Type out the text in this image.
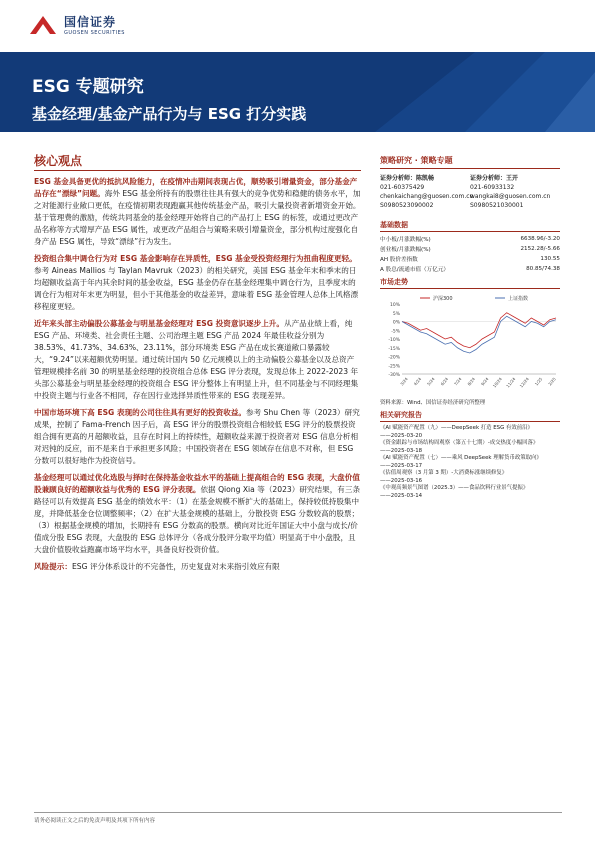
国信证券
GUOSEN SECURITIES
ESG 专题研究
基金经理/基金产品行为与 ESG 打分实践
核心观点

ESG 基金具备更优的抵抗风险能力，在疫情冲击期间表现占优，顺势吸引增量资金，部分基金产品存在“漂绿”问题。海外 ESG 基金所持有的股票往往具有强大的竞争优势和稳健的债务水平，加之对能源行业敞口更低，在疫情初期表现跑赢其他传统基金产品，吸引大量投资者新增资金开始。基于管理费的激励，传统共同基金的基金经理开始将自己的产品打上 ESG 的标签，或通过更改产品名称等方式增厚产品 ESG 属性，或更改产品组合与策略来吸引增量资金，部分机构过度强化自身产品 ESG 属性，导致“漂绿”行为发生。

投资组合集中调仓行为对 ESG 基金影响存在异质性，ESG 基金受投资经理行为扭曲程度更轻。参考 Aineas Mallios 与 Taylan Mavruk（2023）的相关研究，美国 ESG 基金年末和季末的日均超额收益高于年内其余时间的基金收益，ESG 基金仍存在基金经理集中调仓行为，且季度末的调仓行为相对年末更为明显，但小于其他基金的收益差异，意味着 ESG 基金管理人总体上风格漂移程度更轻。

近年来头部主动偏股公募基金与明星基金经理对 ESG 投资意识逐步上升。从产品业绩上看，纯 ESG 产品、环境类、社会责任主题、公司治理主题 ESG 产品 2024 年最佳收益分别为 38.53%、41.73%、34.63%、23.11%，部分环境类 ESG 产品在成长赛道敞口暴露较大，“9.24”以来超额优势明显。通过统计国内 50 亿元规模以上的主动偏股公募基金以及总资产管理规模排名前 30 的明星基金经理的投资组合总体 ESG 评分表现，发现总体上 2022-2023 年头部公募基金与明星基金经理的投资组合 ESG 评分整体上有明显上升，但不同基金与不同经理集中投资主题与行业各不相同，存在因行业选择异质性带来的 ESG 表现差异。

中国市场环境下高 ESG 表现的公司往往具有更好的投资收益。参考 Shu Chen 等（2023）研究成果，控制了 Fama-French 因子后，高 ESG 评分的股票投资组合相较低 ESG 评分的股票投资组合拥有更高的月超额收益，且存在时间上的持续性，超额收益来源于投资者对 ESG 信息分析相对迟钝的反应，而不是来自于承担更多风险；中国投资者在 ESG 领域存在信息不对称，但 ESG 分数可以很好地作为投资信号。

基金经理可以通过优化选股与择时在保持基金收益水平的基础上提高组合的 ESG 表现，大盘价值股兼顾良好的超额收益与优秀的 ESG 评分表现。依据 Qiong Xia 等（2023）研究结果，有三条路径可以有效提高 ESG 基金的绩效水平：（1）在基金规模不断扩大的基础上，保持较低持股集中度，并降低基金仓位调整频率；（2）在扩大基金规模的基础上，分散投资 ESG 分数较高的股票；（3）根据基金规模的增加，长期持有 ESG 分数高的股票。横向对比近年国证大中小盘与成长/价值成分股 ESG 表现，大盘股的 ESG 总体评分（各成分股评分取平均值）明显高于中小盘股，且大盘价值股收益跑赢市场平均水平，具备良好投资价值。

风险提示：ESG 评分体系设计的不完备性，历史复盘对未来指引效应有限

策略研究 · 策略专题
证券分析师：陈凯畅
021-60375429
chenkaichang@guosen.com.cn
S0980523090002
证券分析师：王开
021-60933132
wangkai8@guosen.com.cn
S0980521030001
基础数据
中小板/月涨跌幅(%)	6638.96/-3.20
创业板/月涨跌幅(%)	2152.28/-5.66
AH 股价差指数	130.55
A 股总/流通市值（万亿元）	80.85/74.38
市场走势
10%
5%
0%
-5%
-10%
-15%
-20%
-25%
-30%
3/24 4/24 5/24 6/24 7/24 8/24 9/24 10/24 11/24 12/24 1/25 2/25
沪深300	上证指数
资料来源：Wind、国信证券经济研究所整理
相关研究报告
《AI 赋能资产配置（九）——DeepSeek 打造 ESG 有效前沿》
——2025-03-20
《资金跟踪与市场结构周观察（第五十七期）-成交热度小幅回落》
——2025-03-18
《AI 赋能资产配置（七）——乘风 DeepSeek 理解货币政策取向》
——2025-03-17
《估值周观察（3 月第 3 期）-大消费标涨继续修复》
——2025-03-16
《中观高频景气图谱（2025.3）——食品饮料行业景气提振》
——2025-03-14
请务必阅读正文之后的免责声明及其项下所有内容
